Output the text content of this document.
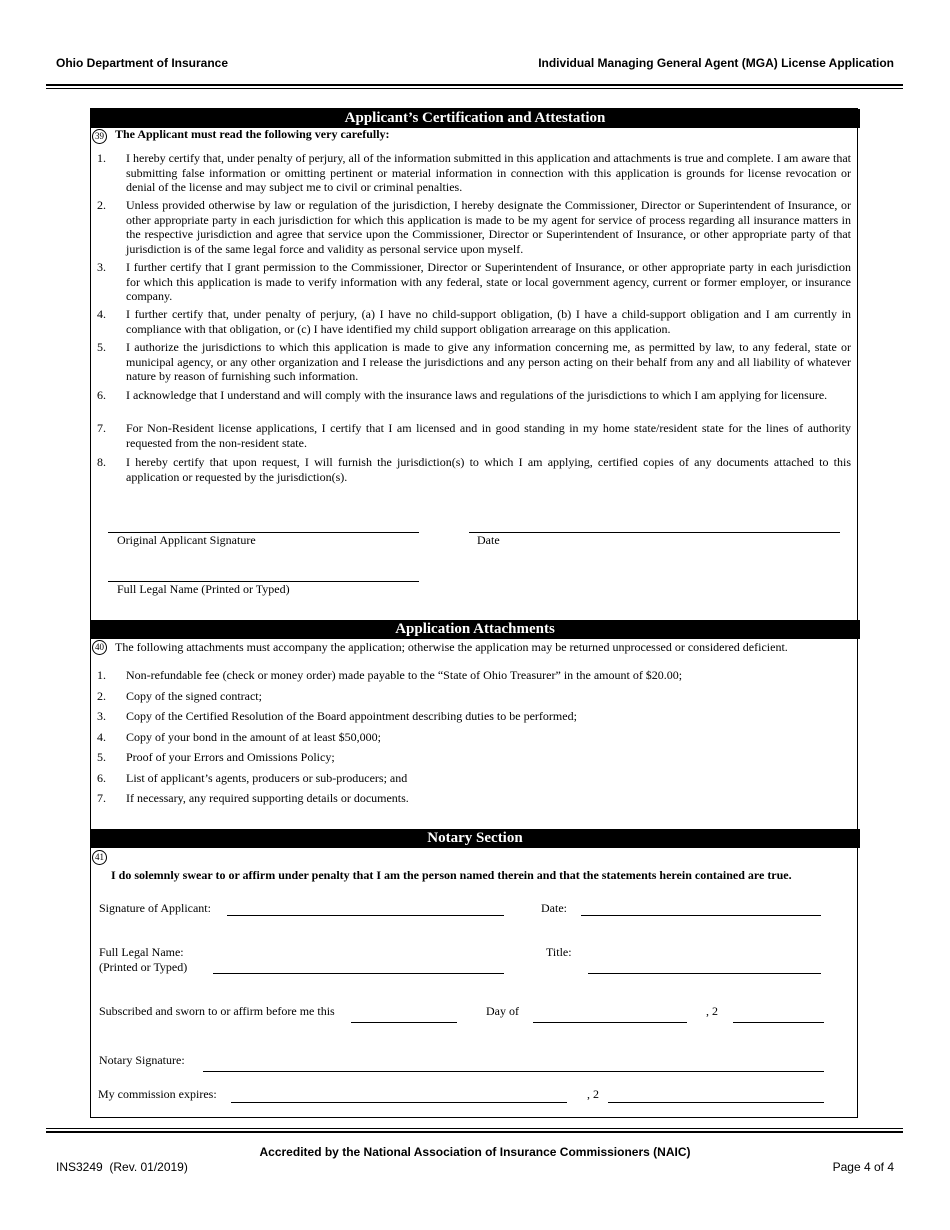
Ohio Department of Insurance	Individual Managing General Agent (MGA) License Application
Applicant’s Certification and Attestation
39 The Applicant must read the following very carefully:
1. I hereby certify that, under penalty of perjury, all of the information submitted in this application and attachments is true and complete. I am aware that submitting false information or omitting pertinent or material information in connection with this application is grounds for license revocation or denial of the license and may subject me to civil or criminal penalties.
2. Unless provided otherwise by law or regulation of the jurisdiction, I hereby designate the Commissioner, Director or Superintendent of Insurance, or other appropriate party in each jurisdiction for which this application is made to be my agent for service of process regarding all insurance matters in the respective jurisdiction and agree that service upon the Commissioner, Director or Superintendent of Insurance, or other appropriate party of that jurisdiction is of the same legal force and validity as personal service upon myself.
3. I further certify that I grant permission to the Commissioner, Director or Superintendent of Insurance, or other appropriate party in each jurisdiction for which this application is made to verify information with any federal, state or local government agency, current or former employer, or insurance company.
4. I further certify that, under penalty of perjury, (a) I have no child-support obligation, (b) I have a child-support obligation and I am currently in compliance with that obligation, or (c) I have identified my child support obligation arrearage on this application.
5. I authorize the jurisdictions to which this application is made to give any information concerning me, as permitted by law, to any federal, state or municipal agency, or any other organization and I release the jurisdictions and any person acting on their behalf from any and all liability of whatever nature by reason of furnishing such information.
6. I acknowledge that I understand and will comply with the insurance laws and regulations of the jurisdictions to which I am applying for licensure.
7. For Non-Resident license applications, I certify that I am licensed and in good standing in my home state/resident state for the lines of authority requested from the non-resident state.
8. I hereby certify that upon request, I will furnish the jurisdiction(s) to which I am applying, certified copies of any documents attached to this application or requested by the jurisdiction(s).
Original Applicant Signature	Date
Full Legal Name (Printed or Typed)
Application Attachments
40 The following attachments must accompany the application; otherwise the application may be returned unprocessed or considered deficient.
1. Non-refundable fee (check or money order) made payable to the “State of Ohio Treasurer” in the amount of $20.00;
2. Copy of the signed contract;
3. Copy of the Certified Resolution of the Board appointment describing duties to be performed;
4. Copy of your bond in the amount of at least $50,000;
5. Proof of your Errors and Omissions Policy;
6. List of applicant’s agents, producers or sub-producers; and
7. If necessary, any required supporting details or documents.
Notary Section
41
I do solemnly swear to or affirm under penalty that I am the person named therein and that the statements herein contained are true.
Signature of Applicant:	Date:
Full Legal Name:
(Printed or Typed)
Title:
Subscribed and sworn to or affirm before me this	Day of	, 2
Notary Signature:
My commission expires:	, 2
Accredited by the National Association of Insurance Commissioners (NAIC)
INS3249  (Rev. 01/2019)	Page 4 of 4
